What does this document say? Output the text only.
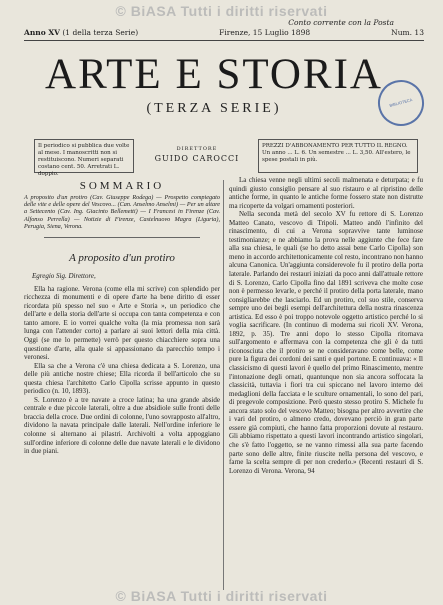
© BiASA Tutti i diritti riservati
Conto corrente con la Posta
Anno XV (1 della terza Serie)	Firenze, 15 Luglio 1898	Num. 13
ARTE E STORIA
(TERZA SERIE)	BIBLIOTECA
Il periodico si pubblica due volte al mese. I manoscritti non si restituiscono. Numeri separati costano cent. 50. Arretrati L. doppio.
DIRETTORE
GUIDO CAROCCI
PREZZI D'ABBONAMENTO PER TUTTO IL REGNO. Un anno ... L. 6. Un semestre ... L. 3,50. All'estero, le spese postali in più.
SOMMARIO
A proposito d'un protiro (Cav. Giuseppe Rodega) — Prospetto compiegato delle vite e delle opere del Vescovo... (Can. Anselmo Anselmi) — Per un altare a Settecento (Cav. Ing. Giacinto Bellemetti) — I Francesi in Firenze (Cav. Alfonso Perrella) — Notizie di Firenze, Castelnuovo Magra (Liguria), Perugia, Siena, Verona.
A proposito d'un protiro
Egregio Sig. Direttore,

Ella ha ragione. Verona (come ella mi scrive) con splendido per ricchezza di monumenti e di opere d'arte ha bene diritto di esser ricordata più spesso nel suo « Arte e Storia », un periodico che dell'arte e della storia dell'arte si occupa con tanta competenza e con tanto amore. E io vorrei qualche volta (la mia promessa non sarà lunga con l'attender corto) a parlare ai suoi lettori della mia città. Oggi (se me lo permette) verrò per questo chiacchiere sopra una questione d'arte, alla quale si appassionano da parecchio tempo i veronesi.

Ella sa che a Verona c'è una chiesa dedicata a S. Lorenzo, una delle più antiche nostre chiese; Ella ricorda il bell'articolo che su questa chiesa l'architetto Carlo Cipolla scrisse appunto in questo periodico (n. 10, 1893).

S. Lorenzo è a tre navate a croce latina; ha una grande abside centrale e due piccole laterali, oltre a due absidiole sulle fronti delle braccia della croce. Due ordini di colonne, l'uno sovrapposto all'altro, dividono la navata principale dalle laterali. Nell'ordine inferiore le colonne si alternano ai pilastri. Archivolti a volta appoggiano sull'ordine inferiore di colonne delle due navate laterali e le dividono in due piani.

La chiesa venne negli ultimi secoli malmenata e deturpata; e fu quindi giusto consiglio pensare al suo ristauro e al ripristino delle antiche forme, in quanto le antiche forme fossero state non distrutte ma ricoperte da volgari ornamenti posteriori.

Nella seconda metà del secolo XV fu rettore di S. Lorenzo Matteo Canato, vescovo di Tripoli. Matteo andò l'infinito del rinascimento, di cui a Verona sopravvive tante luminose testimonianze; e ne abbiamo la prova nelle aggiunte che fece fare alla sua chiesa, le quali (se ho detto assai bene Carlo Cipolla) son meno in accordo architettonicamente col resto, incontrano non hanno alcuna Canonica. Un'aggiunta considerevole fu il protiro della porta laterale. Parlando dei restauri iniziati da poco anni dall'attuale rettore di S. Lorenzo, Carlo Cipolla fino dal 1891 scriveva che molte cose non è permesso levarle, e perché il protiro della porta laterale, mano consigliarebbe che lasciarlo. Ed un protiro, col suo stile, conserva sempre uno dei begli esempi dell'architettura della nostra rinascenza artistica. Ed esso è poi troppo notevole oggetto artistico perché lo si voglia sacrificare. (In continuo di moderna sui ricoli XV. Verona, 1892, p. 35). Tre anni dopo lo stesso Cipolla ritornava sull'argomento e affermava con la competenza che gli è da tutti riconosciuta che il protiro se ne consideravano come belle, come pure la figura dei cordoni dei santi e quel portone. E continuava: « Il classicismo di questi lavori è quello del primo Rinascimento, mentre l'intonazione degli ornati, quantunque non sia ancora soffocata la classicità, tuttavia i fiori tra cui spiccano nel lavoro interno dei medaglioni della facciata e le sculture ornamentali, lo sono del pari, di pregevole composizione. Però questo stesso protiro S. Michele fu ancora stato solo del vescovo Matteo; bisogna per altro avvertire che i vari del protiro, o almeno credo, dovevano perciò in gran parte essere già compiuti, che hanno fatta proporzioni dovute al restauro. Gli abbiamo rispettato a questi lavori incontrando artistico singolari, che s'è fatto l'oggetto, se ne vanno rimessi alla sua parte facendo parte sono delle altre, finite riuscite nella persona del vescovo, e farne la scelta sempre di per non crederlo.» (Recenti restauri di S. Lorenzo di Verona. Verona, 94

© BiASA Tutti i diritti riservati
